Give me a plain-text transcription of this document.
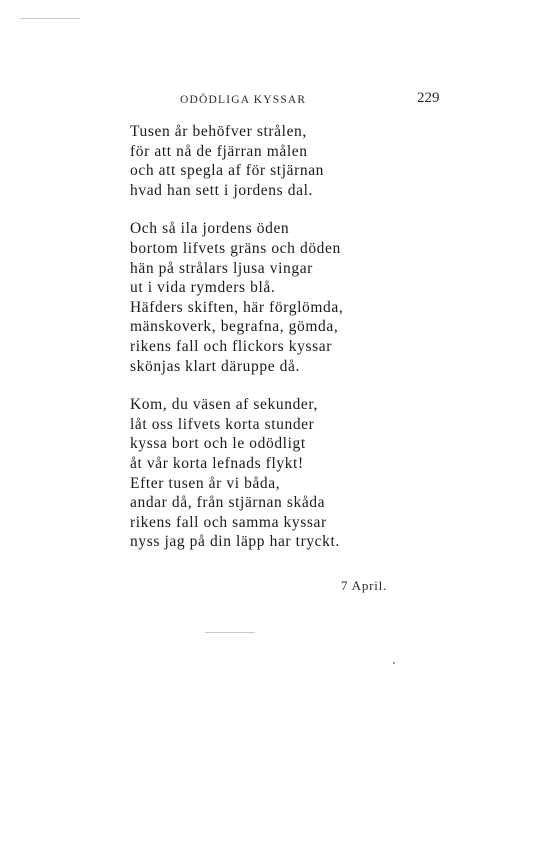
ODÖDLIGA KYSSAR	229
Tusen år behöfver strålen,
för att nå de fjärran målen
och att spegla af för stjärnan
hvad han sett i jordens dal.
Och så ila jordens öden
bortom lifvets gräns och döden
hän på strålars ljusa vingar
ut i vida rymders blå.
Häfders skiften, här förglömda,
mänskoverk, begrafna, gömda,
rikens fall och flickors kyssar
skönjas klart däruppe då.
Kom, du väsen af sekunder,
låt oss lifvets korta stunder
kyssa bort och le odödligt
åt vår korta lefnads flykt!
Efter tusen år vi båda,
andar då, från stjärnan skåda
rikens fall och samma kyssar
nyss jag på din läpp har tryckt.
7 April.
